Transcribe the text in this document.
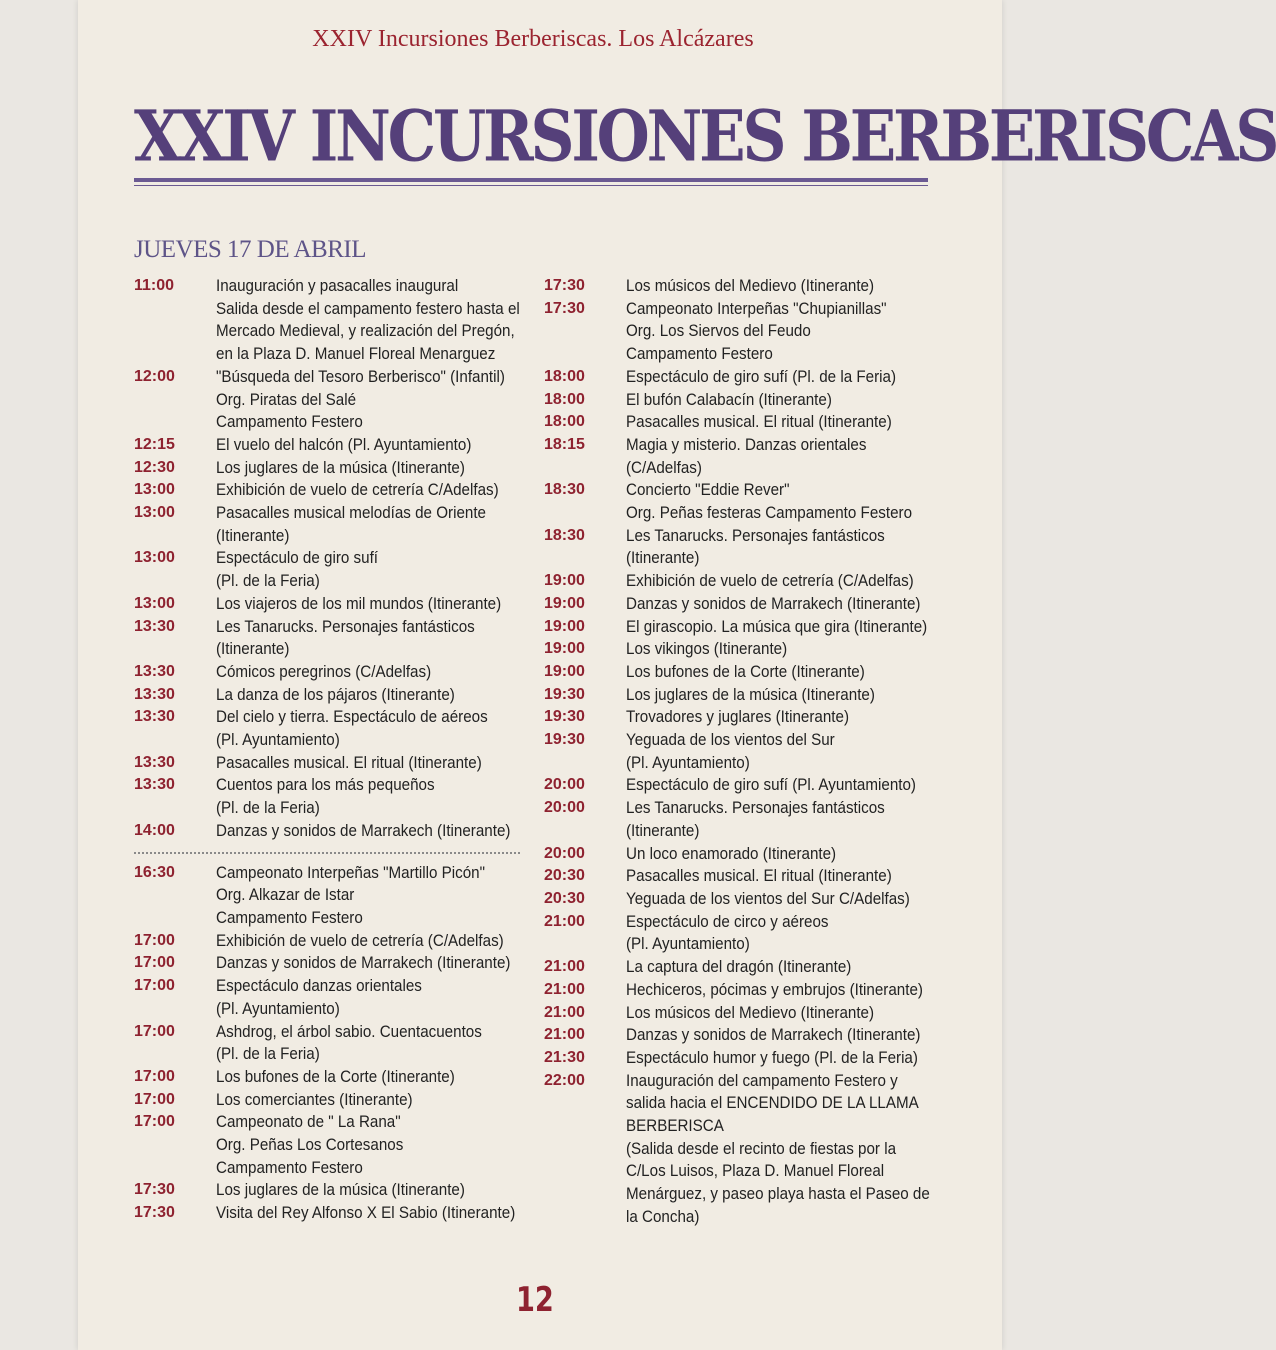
XXIV Incursiones Berberiscas. Los Alcázares
XXIV INCURSIONES BERBERISCAS
JUEVES 17 DE ABRIL
11:00	Inauguración y pasacalles inaugural
Salida desde el campamento festero hasta el
Mercado Medieval, y realización del Pregón,
en la Plaza D. Manuel Floreal Menarguez
12:00	"Búsqueda del Tesoro Berberisco" (Infantil)
Org. Piratas del Salé
Campamento Festero
12:15	El vuelo del halcón (Pl. Ayuntamiento)
12:30	Los juglares de la música (Itinerante)
13:00	Exhibición de vuelo de cetrería C/Adelfas)
13:00	Pasacalles musical melodías de Oriente
(Itinerante)
13:00	Espectáculo de giro sufí
(Pl. de la Feria)
13:00	Los viajeros de los mil mundos (Itinerante)
13:30	Les Tanarucks. Personajes fantásticos
(Itinerante)
13:30	Cómicos peregrinos (C/Adelfas)
13:30	La danza de los pájaros (Itinerante)
13:30	Del cielo y tierra. Espectáculo de aéreos
(Pl. Ayuntamiento)
13:30	Pasacalles musical. El ritual (Itinerante)
13:30	Cuentos para los más pequeños
(Pl. de la Feria)
14:00	Danzas y sonidos de Marrakech (Itinerante)
16:30	Campeonato Interpeñas "Martillo Picón"
Org. Alkazar de Istar
Campamento Festero
17:00	Exhibición de vuelo de cetrería (C/Adelfas)
17:00	Danzas y sonidos de Marrakech (Itinerante)
17:00	Espectáculo danzas orientales
(Pl. Ayuntamiento)
17:00	Ashdrog, el árbol sabio. Cuentacuentos
(Pl. de la Feria)
17:00	Los bufones de la Corte (Itinerante)
17:00	Los comerciantes (Itinerante)
17:00	Campeonato de " La Rana"
Org. Peñas Los Cortesanos
Campamento Festero
17:30	Los juglares de la música (Itinerante)
17:30	Visita del Rey Alfonso X El Sabio (Itinerante)
17:30	Los músicos del Medievo (Itinerante)
17:30	Campeonato Interpeñas "Chupianillas"
Org. Los Siervos del Feudo
Campamento Festero
18:00	Espectáculo de giro sufí (Pl. de la Feria)
18:00	El bufón Calabacín (Itinerante)
18:00	Pasacalles musical. El ritual (Itinerante)
18:15	Magia y misterio. Danzas orientales
(C/Adelfas)
18:30	Concierto "Eddie Rever"
Org. Peñas festeras Campamento Festero
18:30	Les Tanarucks. Personajes fantásticos
(Itinerante)
19:00	Exhibición de vuelo de cetrería (C/Adelfas)
19:00	Danzas y sonidos de Marrakech (Itinerante)
19:00	El girascopio. La música que gira (Itinerante)
19:00	Los vikingos (Itinerante)
19:00	Los bufones de la Corte (Itinerante)
19:30	Los juglares de la música (Itinerante)
19:30	Trovadores y juglares (Itinerante)
19:30	Yeguada de los vientos del Sur
(Pl. Ayuntamiento)
20:00	Espectáculo de giro sufí (Pl. Ayuntamiento)
20:00	Les Tanarucks. Personajes fantásticos
(Itinerante)
20:00	Un loco enamorado (Itinerante)
20:30	Pasacalles musical. El ritual (Itinerante)
20:30	Yeguada de los vientos del Sur C/Adelfas)
21:00	Espectáculo de circo y aéreos
(Pl. Ayuntamiento)
21:00	La captura del dragón (Itinerante)
21:00	Hechiceros, pócimas y embrujos (Itinerante)
21:00	Los músicos del Medievo (Itinerante)
21:00	Danzas y sonidos de Marrakech (Itinerante)
21:30	Espectáculo humor y fuego (Pl. de la Feria)
22:00	Inauguración del campamento Festero y
salida hacia el ENCENDIDO DE LA LLAMA
BERBERISCA
(Salida desde el recinto de fiestas por la
C/Los Luisos, Plaza D. Manuel Floreal
Menárguez, y paseo playa hasta el Paseo de
la Concha)
12
